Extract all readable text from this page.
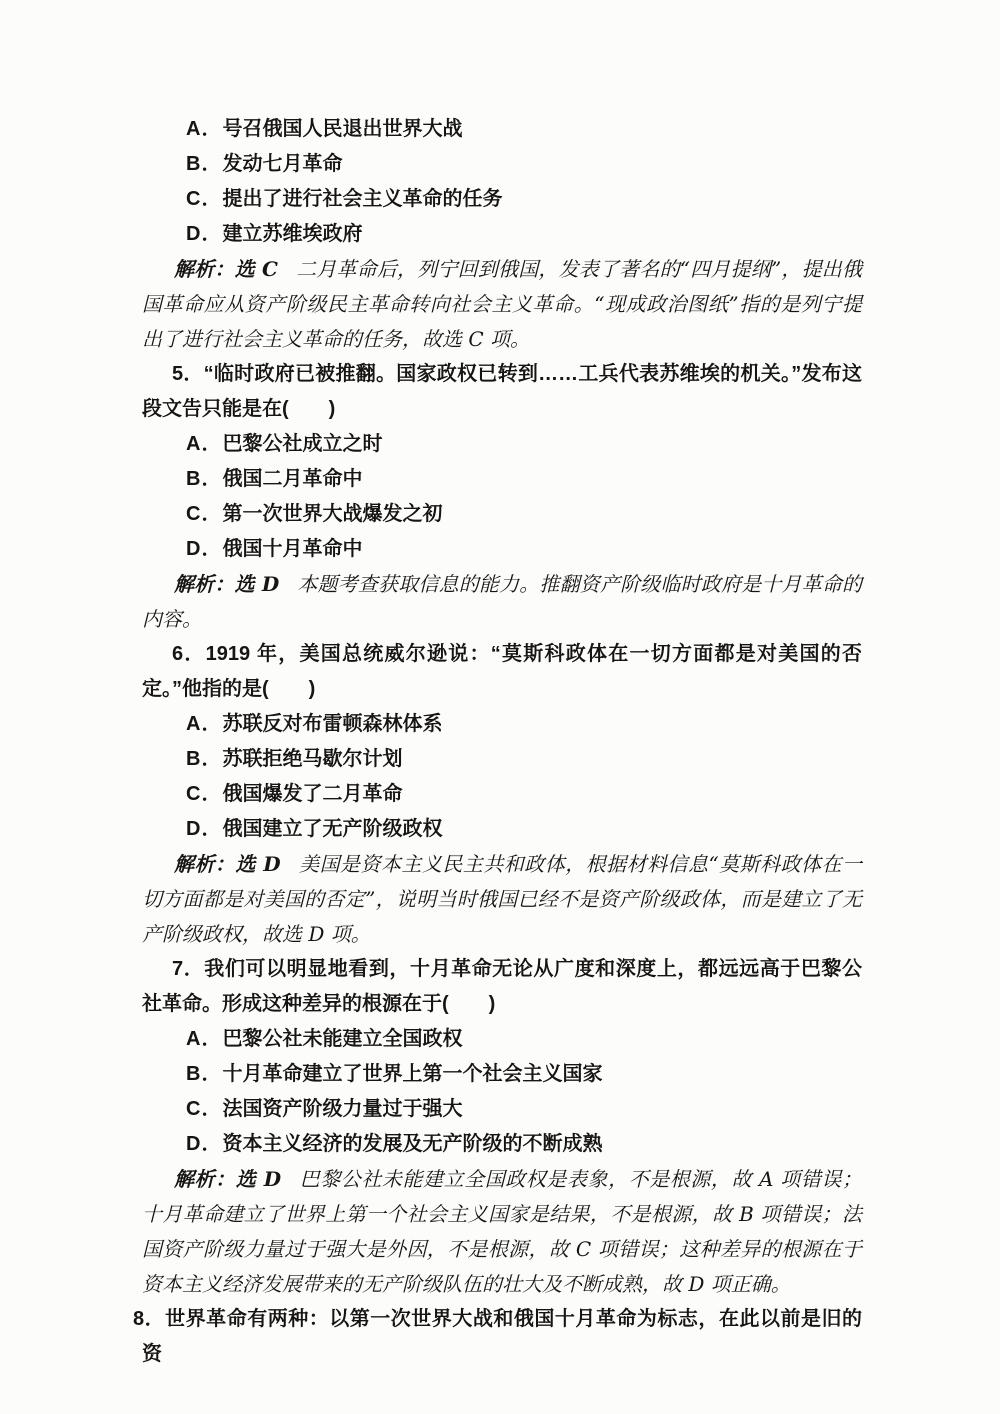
A．号召俄国人民退出世界大战

B．发动七月革命

C．提出了进行社会主义革命的任务

D．建立苏维埃政府

解析：选 C 二月革命后，列宁回到俄国，发表了著名的“四月提纲”，提出俄国革命应从资产阶级民主革命转向社会主义革命。“现成政治图纸”指的是列宁提出了进行社会主义革命的任务，故选 C 项。

5．“临时政府已被推翻。国家政权已转到……工兵代表苏维埃的机关。”发布这段文告只能是在(　　)

A．巴黎公社成立之时

B．俄国二月革命中

C．第一次世界大战爆发之初

D．俄国十月革命中

解析：选 D 本题考查获取信息的能力。推翻资产阶级临时政府是十月革命的内容。

6．1919 年，美国总统威尔逊说：“莫斯科政体在一切方面都是对美国的否定。”他指的是(　　)

A．苏联反对布雷顿森林体系

B．苏联拒绝马歇尔计划

C．俄国爆发了二月革命

D．俄国建立了无产阶级政权

解析：选 D 美国是资本主义民主共和政体，根据材料信息“莫斯科政体在一切方面都是对美国的否定”，说明当时俄国已经不是资产阶级政体，而是建立了无产阶级政权，故选 D 项。

7．我们可以明显地看到，十月革命无论从广度和深度上，都远远高于巴黎公社革命。形成这种差异的根源在于(　　)

A．巴黎公社未能建立全国政权

B．十月革命建立了世界上第一个社会主义国家

C．法国资产阶级力量过于强大

D．资本主义经济的发展及无产阶级的不断成熟

解析：选 D 巴黎公社未能建立全国政权是表象，不是根源，故 A 项错误；十月革命建立了世界上第一个社会主义国家是结果，不是根源，故 B 项错误；法国资产阶级力量过于强大是外因，不是根源，故 C 项错误；这种差异的根源在于资本主义经济发展带来的无产阶级队伍的壮大及不断成熟，故 D 项正确。

8．世界革命有两种：以第一次世界大战和俄国十月革命为标志，在此以前是旧的资
